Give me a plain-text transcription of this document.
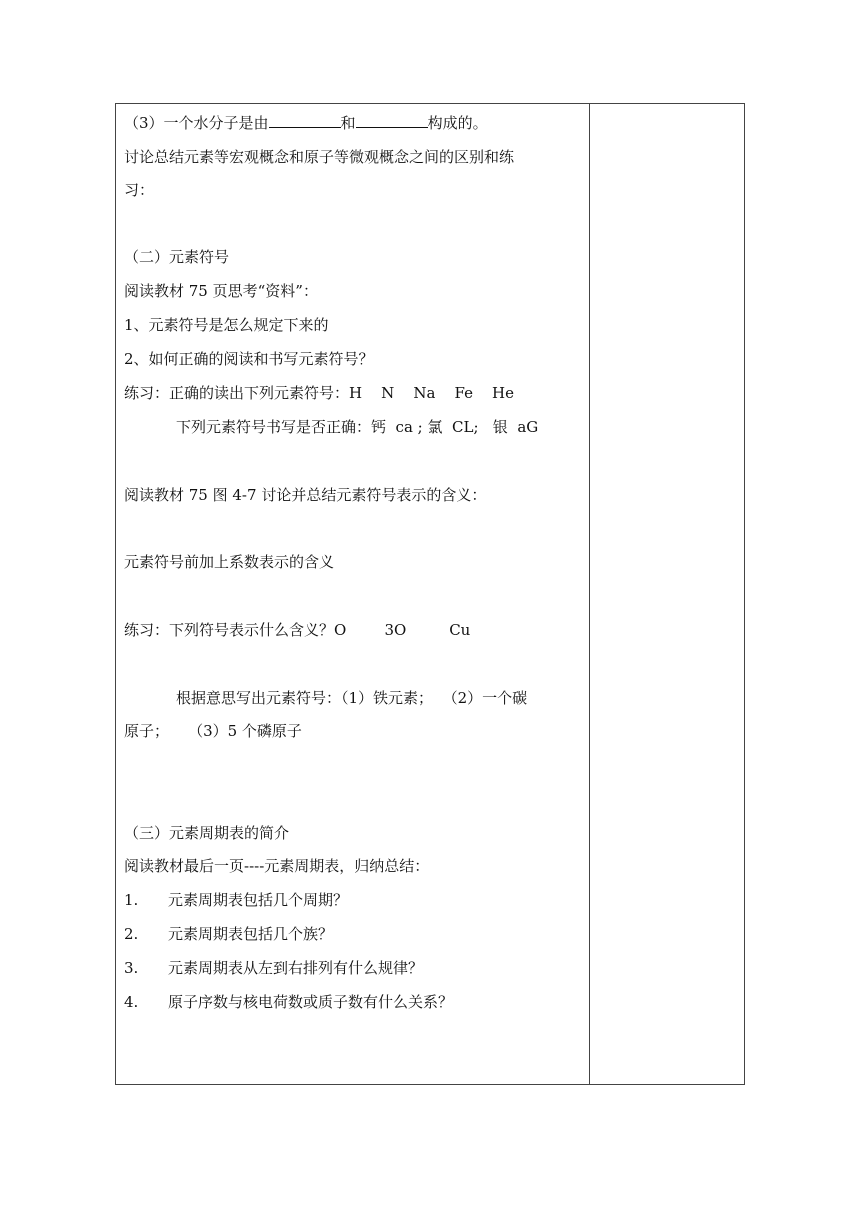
（3）一个水分子是由	和	构成的。
讨论总结元素等宏观概念和原子等微观概念之间的区别和练
习：
（二）元素符号
阅读教材 75 页思考“资料”：
1、元素符号是怎么规定下来的
2、如何正确的阅读和书写元素符号？
练习：正确的读出下列元素符号：H    N    Na    Fe    He
下列元素符号书写是否正确：钙  ca ; 氯  CL;   银  aG
阅读教材 75 图 4-7 讨论并总结元素符号表示的含义：
元素符号前加上系数表示的含义
练习：下列符号表示什么含义？O        3O         Cu
根据意思写出元素符号：（1）铁元素；  （2）一个碳
原子；    （3）5 个磷原子
（三）元素周期表的简介
阅读教材最后一页----元素周期表，归纳总结：
1. 元素周期表包括几个周期？
2. 元素周期表包括几个族？
3. 元素周期表从左到右排列有什么规律？
4. 原子序数与核电荷数或质子数有什么关系？
